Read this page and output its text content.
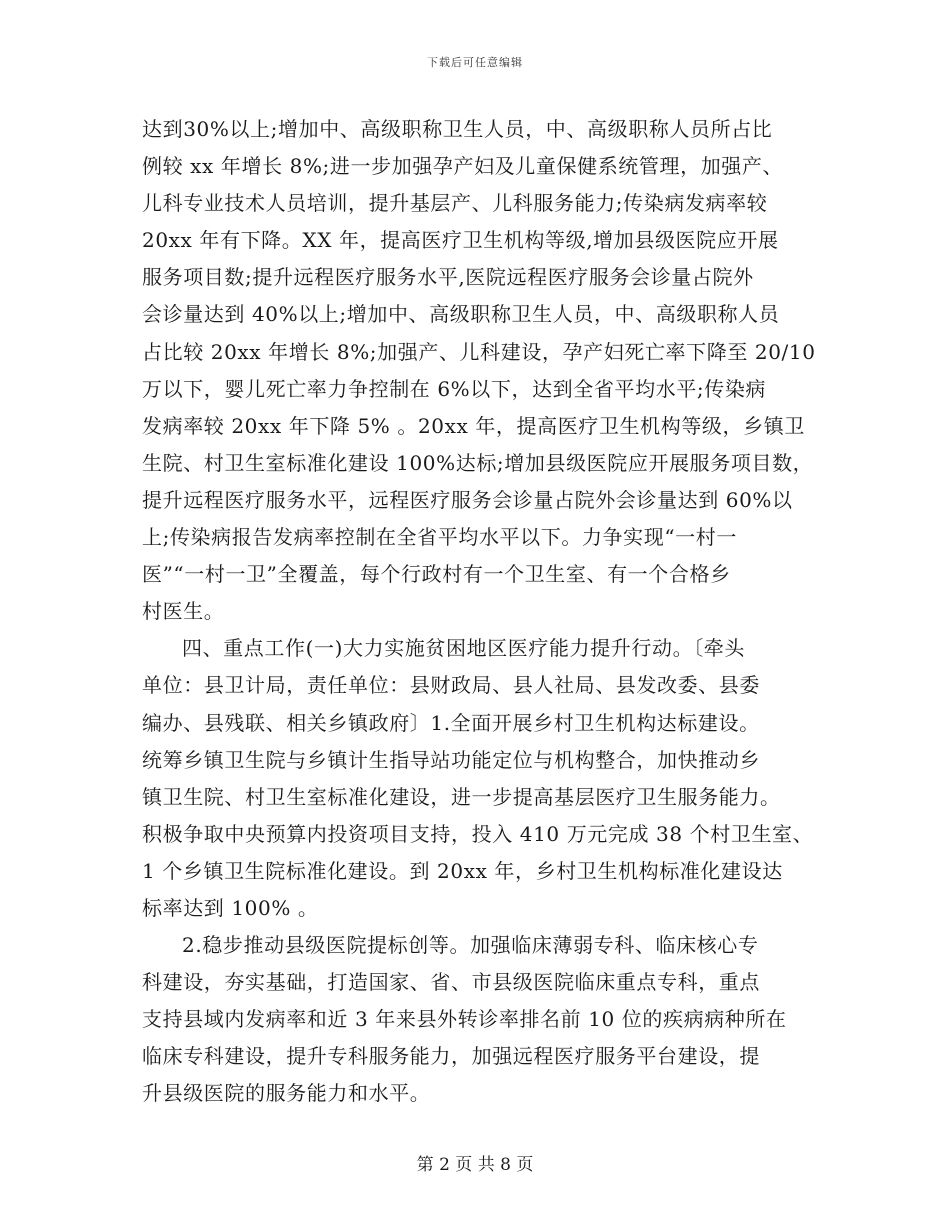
下载后可任意编辑
达到30%以上;增加中、高级职称卫生人员，中、高级职称人员所占比
例较 xx 年增长 8%;进一步加强孕产妇及儿童保健系统管理，加强产、
儿科专业技术人员培训，提升基层产、儿科服务能力;传染病发病率较
20xx 年有下降。XX 年，提高医疗卫生机构等级,增加县级医院应开展
服务项目数;提升远程医疗服务水平,医院远程医疗服务会诊量占院外
会诊量达到 40%以上;增加中、高级职称卫生人员，中、高级职称人员
占比较 20xx 年增长 8%;加强产、儿科建设，孕产妇死亡率下降至 20/10
万以下，婴儿死亡率力争控制在 6%以下，达到全省平均水平;传染病
发病率较 20xx 年下降 5% 。20xx 年，提高医疗卫生机构等级，乡镇卫
生院、村卫生室标准化建设 100%达标;增加县级医院应开展服务项目数，
提升远程医疗服务水平，远程医疗服务会诊量占院外会诊量达到 60%以
上;传染病报告发病率控制在全省平均水平以下。力争实现“一村一
医”“一村一卫”全覆盖，每个行政村有一个卫生室、有一个合格乡
村医生。
四、重点工作(一)大力实施贫困地区医疗能力提升行动。〔牵头
单位：县卫计局，责任单位：县财政局、县人社局、县发改委、县委
编办、县残联、相关乡镇政府〕1.全面开展乡村卫生机构达标建设。
统筹乡镇卫生院与乡镇计生指导站功能定位与机构整合，加快推动乡
镇卫生院、村卫生室标准化建设，进一步提高基层医疗卫生服务能力。
积极争取中央预算内投资项目支持，投入 410 万元完成 38 个村卫生室、
1 个乡镇卫生院标准化建设。到 20xx 年，乡村卫生机构标准化建设达
标率达到 100% 。
2.稳步推动县级医院提标创等。加强临床薄弱专科、临床核心专
科建设，夯实基础，打造国家、省、市县级医院临床重点专科，重点
支持县域内发病率和近 3 年来县外转诊率排名前 10 位的疾病病种所在
临床专科建设，提升专科服务能力，加强远程医疗服务平台建设，提
升县级医院的服务能力和水平。
第 2 页 共 8 页
